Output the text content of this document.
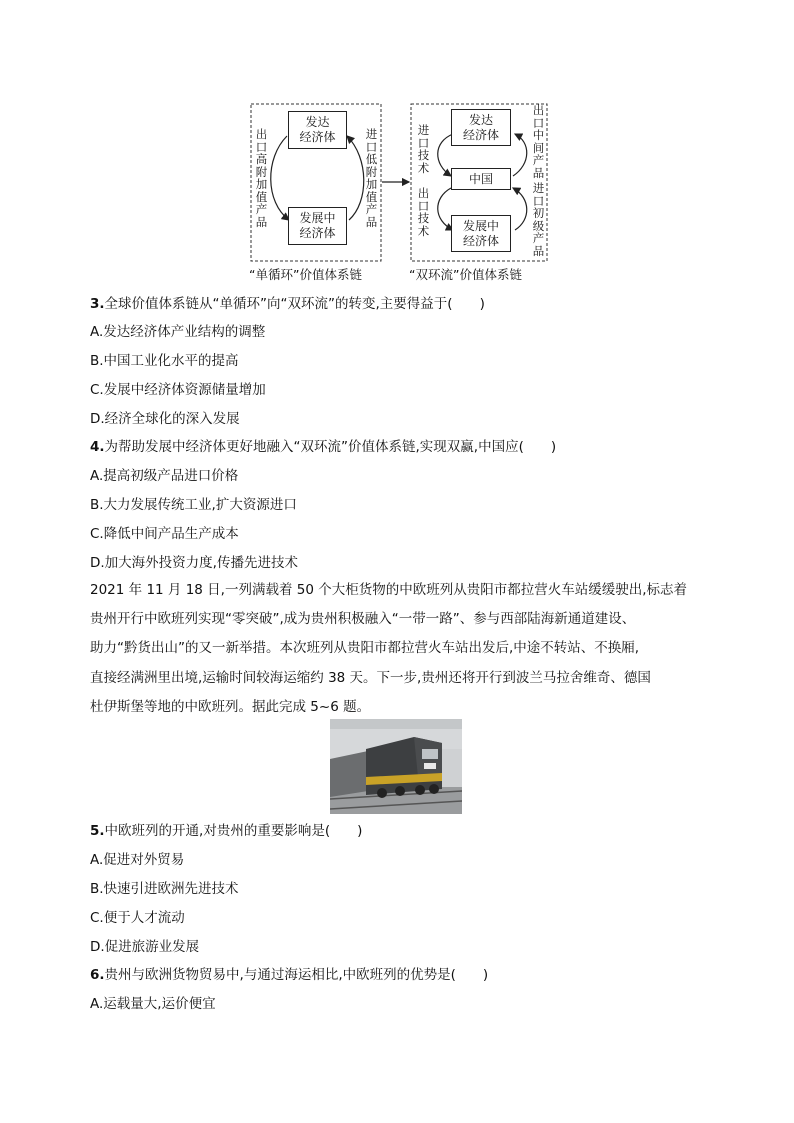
发达
经济体
发展中
经济体
出口高附加值产品
进口低附加值产品
“单循环”价值体系链
发达
经济体
中国
发展中
经济体
进口技术
出口技术
出口中间产品
进口初级产品
“双环流”价值体系链
3.全球价值体系链从“单循环”向“双环流”的转变,主要得益于(　　)
A.发达经济体产业结构的调整
B.中国工业化水平的提高
C.发展中经济体资源储量增加
D.经济全球化的深入发展
4.为帮助发展中经济体更好地融入“双环流”价值体系链,实现双赢,中国应(　　)
A.提高初级产品进口价格
B.大力发展传统工业,扩大资源进口
C.降低中间产品生产成本
D.加大海外投资力度,传播先进技术
2021 年 11 月 18 日,一列满载着 50 个大柜货物的中欧班列从贵阳市都拉营火车站缓缓驶出,标志着
贵州开行中欧班列实现“零突破”,成为贵州积极融入“一带一路”、参与西部陆海新通道建设、
助力“黔货出山”的又一新举措。本次班列从贵阳市都拉营火车站出发后,中途不转站、不换厢,
直接经满洲里出境,运输时间较海运缩约 38 天。下一步,贵州还将开行到波兰马拉舍维奇、德国
杜伊斯堡等地的中欧班列。据此完成 5~6 题。
5.中欧班列的开通,对贵州的重要影响是(　　)
A.促进对外贸易
B.快速引进欧洲先进技术
C.便于人才流动
D.促进旅游业发展
6.贵州与欧洲货物贸易中,与通过海运相比,中欧班列的优势是(　　)
A.运载量大,运价便宜
